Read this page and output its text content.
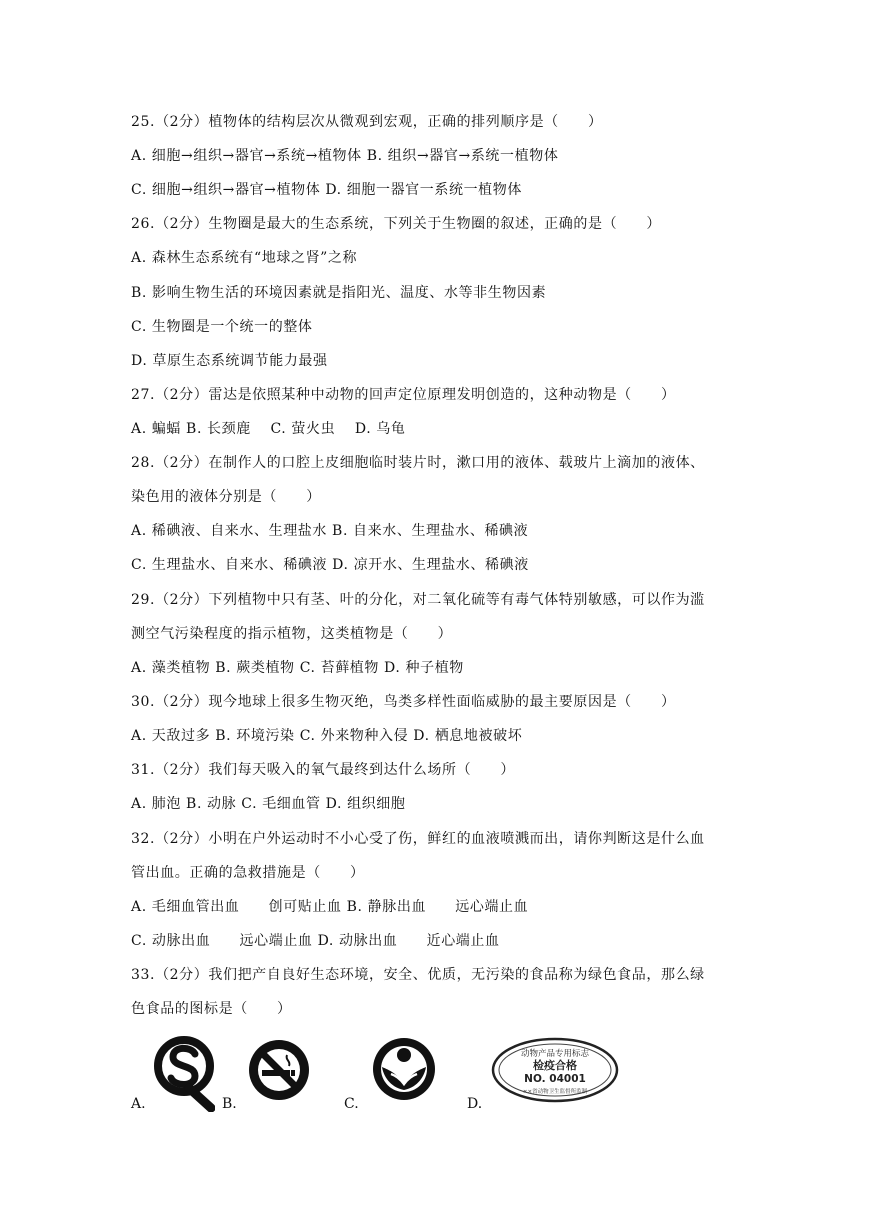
25.（2分）植物体的结构层次从微观到宏观，正确的排列顺序是（　　）
A. 细胞→组织→器官→系统→植物体 B. 组织→器官→系统一植物体
C. 细胞→组织→器官→植物体 D. 细胞一器官一系统一植物体
26.（2分）生物圈是最大的生态系统，下列关于生物圈的叙述，正确的是（　　）
A. 森林生态系统有“地球之肾”之称
B. 影响生物生活的环境因素就是指阳光、温度、水等非生物因素
C. 生物圈是一个统一的整体
D. 草原生态系统调节能力最强
27.（2分）雷达是依照某种中动物的回声定位原理发明创造的，这种动物是（　　）
A. 蝙蝠 B. 长颈鹿　 C. 萤火虫　 D. 乌龟
28.（2分）在制作人的口腔上皮细胞临时装片时，漱口用的液体、载玻片上滴加的液体、
染色用的液体分别是（　　）
A. 稀碘液、自来水、生理盐水 B. 自来水、生理盐水、稀碘液
C. 生理盐水、自来水、稀碘液 D. 凉开水、生理盐水、稀碘液
29.（2分）下列植物中只有茎、叶的分化，对二氧化硫等有毒气体特别敏感，可以作为滥
测空气污染程度的指示植物，这类植物是（　　）
A. 藻类植物 B. 蕨类植物 C. 苔藓植物 D. 种子植物
30.（2分）现今地球上很多生物灭绝，鸟类多样性面临威胁的最主要原因是（　　）
A. 天敌过多 B. 环境污染 C. 外来物种入侵 D. 栖息地被破坏
31.（2分）我们每天吸入的氧气最终到达什么场所（　　）
A. 肺泡 B. 动脉 C. 毛细血管 D. 组织细胞
32.（2分）小明在户外运动时不小心受了伤，鲜红的血液喷溅而出，请你判断这是什么血
管出血。正确的急救措施是（　　）
A. 毛细血管出血　　创可贴止血 B. 静脉出血　　远心端止血
C. 动脉出血　　远心端止血 D. 动脉出血　　近心端止血
33.（2分）我们把产自良好生态环境，安全、优质，无污染的食品称为绿色食品，那么绿
色食品的图标是（　　）
A.	B.	C.	D.
动物产品专用标志
检疫合格
NO. 04001
××省动物卫生监督所监制
